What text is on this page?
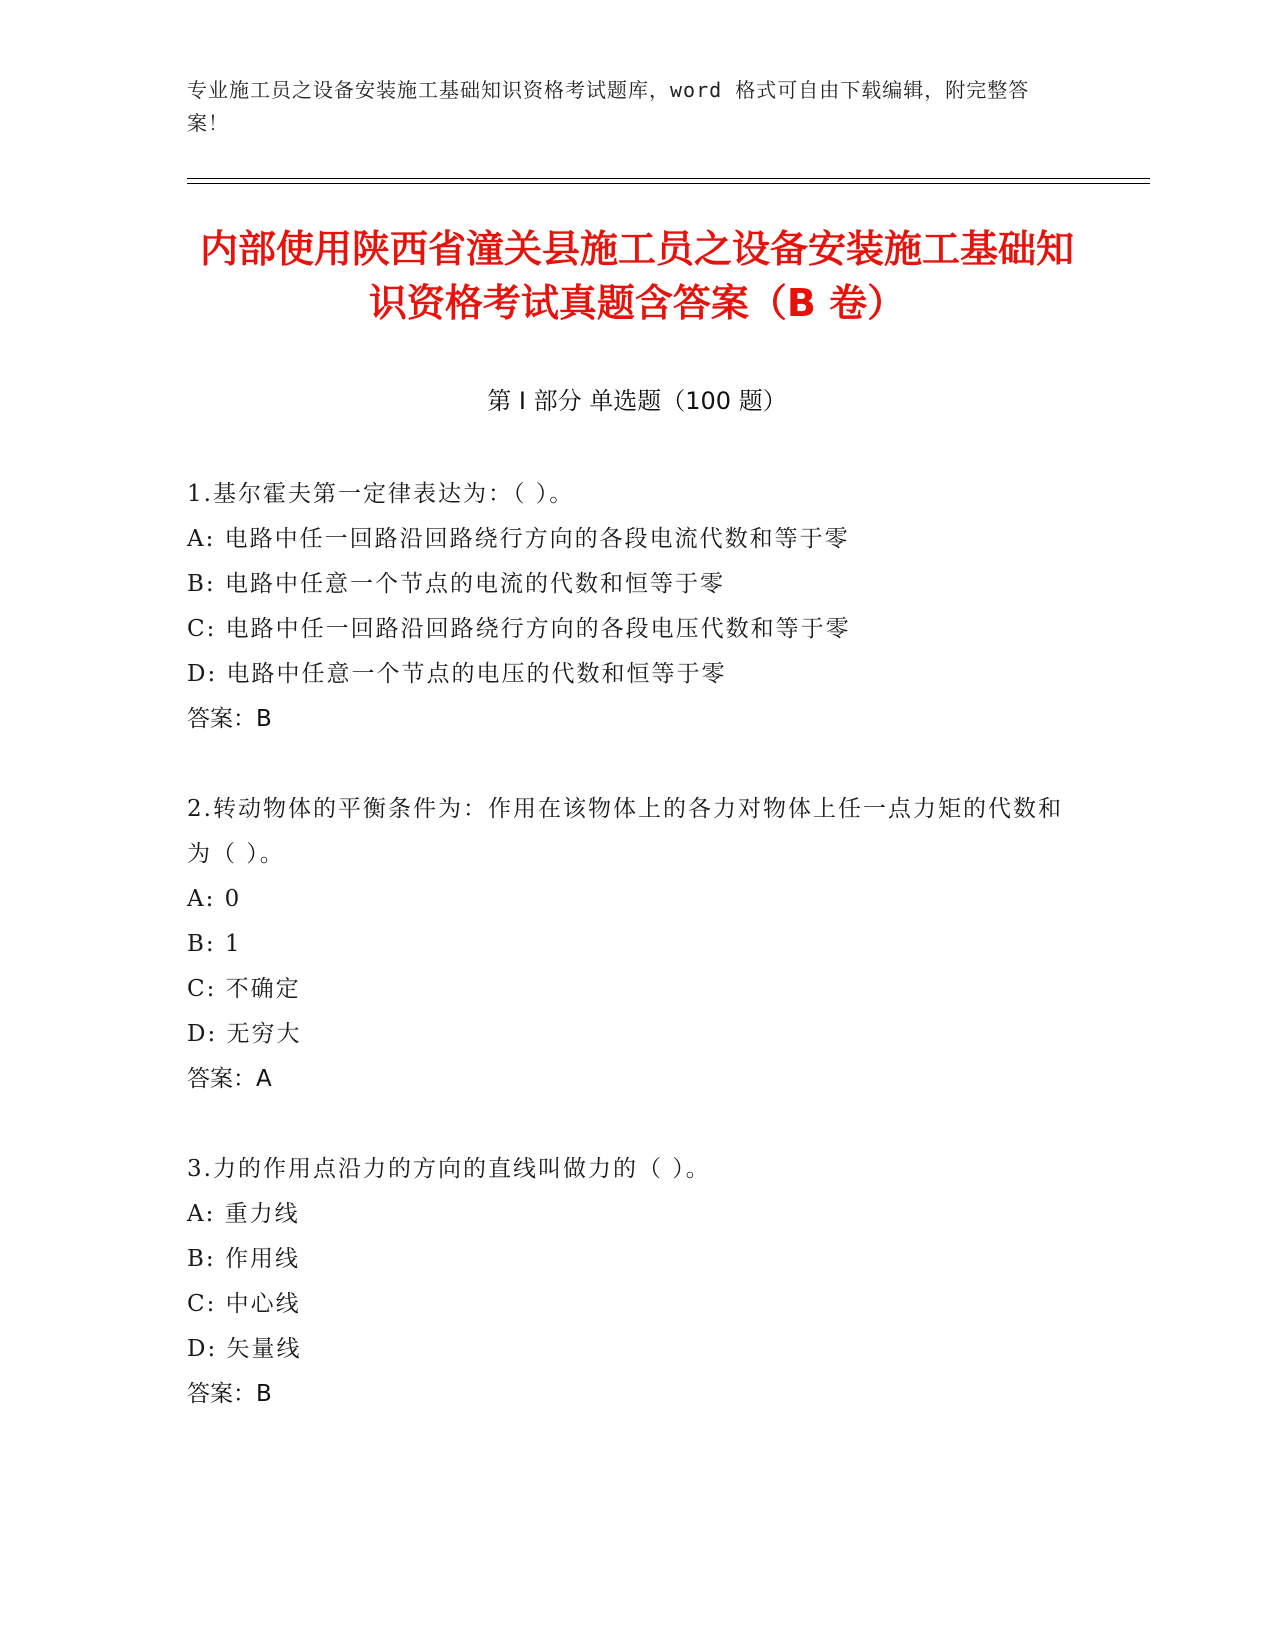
专业施工员之设备安装施工基础知识资格考试题库，word 格式可自由下载编辑，附完整答案！
内部使用陕西省潼关县施工员之设备安装施工基础知识资格考试真题含答案（B 卷）
第 I 部分 单选题（100 题）
1.基尔霍夫第一定律表达为：（ ）。
A: 电路中任一回路沿回路绕行方向的各段电流代数和等于零
B: 电路中任意一个节点的电流的代数和恒等于零
C: 电路中任一回路沿回路绕行方向的各段电压代数和等于零
D: 电路中任意一个节点的电压的代数和恒等于零
答案：B
2.转动物体的平衡条件为：作用在该物体上的各力对物体上任一点力矩的代数和为（ ）。
A: 0
B: 1
C: 不确定
D: 无穷大
答案：A
3.力的作用点沿力的方向的直线叫做力的（ ）。
A: 重力线
B: 作用线
C: 中心线
D: 矢量线
答案：B
